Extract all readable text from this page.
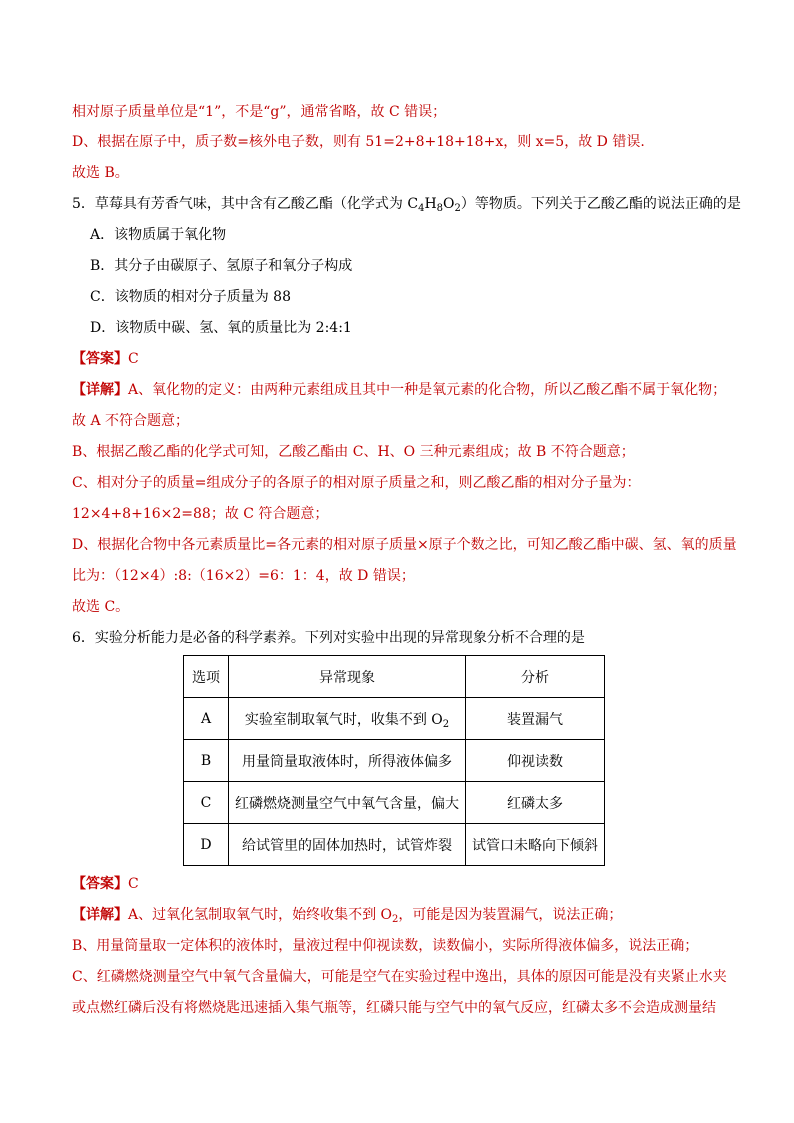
相对原子质量单位是“1”，不是“g”，通常省略，故 C 错误；
D、根据在原子中，质子数=核外电子数，则有 51=2+8+18+18+x，则 x=5，故 D 错误.
故选 B。
5．草莓具有芳香气味，其中含有乙酸乙酯（化学式为 $C_4H_8O_2$）等物质。下列关于乙酸乙酯的说法正确的是
A．该物质属于氧化物
B．其分子由碳原子、氢原子和氧分子构成
C．该物质的相对分子质量为 88
D．该物质中碳、氢、氧的质量比为 2:4:1
【答案】C
【详解】A、氧化物的定义：由两种元素组成且其中一种是氧元素的化合物，所以乙酸乙酯不属于氧化物；
故 A 不符合题意；
B、根据乙酸乙酯的化学式可知，乙酸乙酯由 C、H、O 三种元素组成；故 B 不符合题意；
C、相对分子的质量=组成分子的各原子的相对原子质量之和，则乙酸乙酯的相对分子量为：
12×4+8+16×2=88；故 C 符合题意；
D、根据化合物中各元素质量比=各元素的相对原子质量×原子个数之比，可知乙酸乙酯中碳、氢、氧的质量
比为：（12×4）:8:（16×2）=6：1：4，故 D 错误；
故选 C。
6．实验分析能力是必备的科学素养。下列对实验中出现的异常现象分析不合理的是
选项	异常现象	分析
A	实验室制取氧气时，收集不到 $O_2$	装置漏气
B	用量筒量取液体时，所得液体偏多	仰视读数
C	红磷燃烧测量空气中氧气含量，偏大	红磷太多
D	给试管里的固体加热时，试管炸裂	试管口未略向下倾斜
【答案】C
【详解】A、过氧化氢制取氧气时，始终收集不到 $O_2$，可能是因为装置漏气，说法正确；
B、用量筒量取一定体积的液体时，量液过程中仰视读数，读数偏小，实际所得液体偏多，说法正确；
C、红磷燃烧测量空气中氧气含量偏大，可能是空气在实验过程中逸出，具体的原因可能是没有夹紧止水夹
或点燃红磷后没有将燃烧匙迅速插入集气瓶等，红磷只能与空气中的氧气反应，红磷太多不会造成测量结
